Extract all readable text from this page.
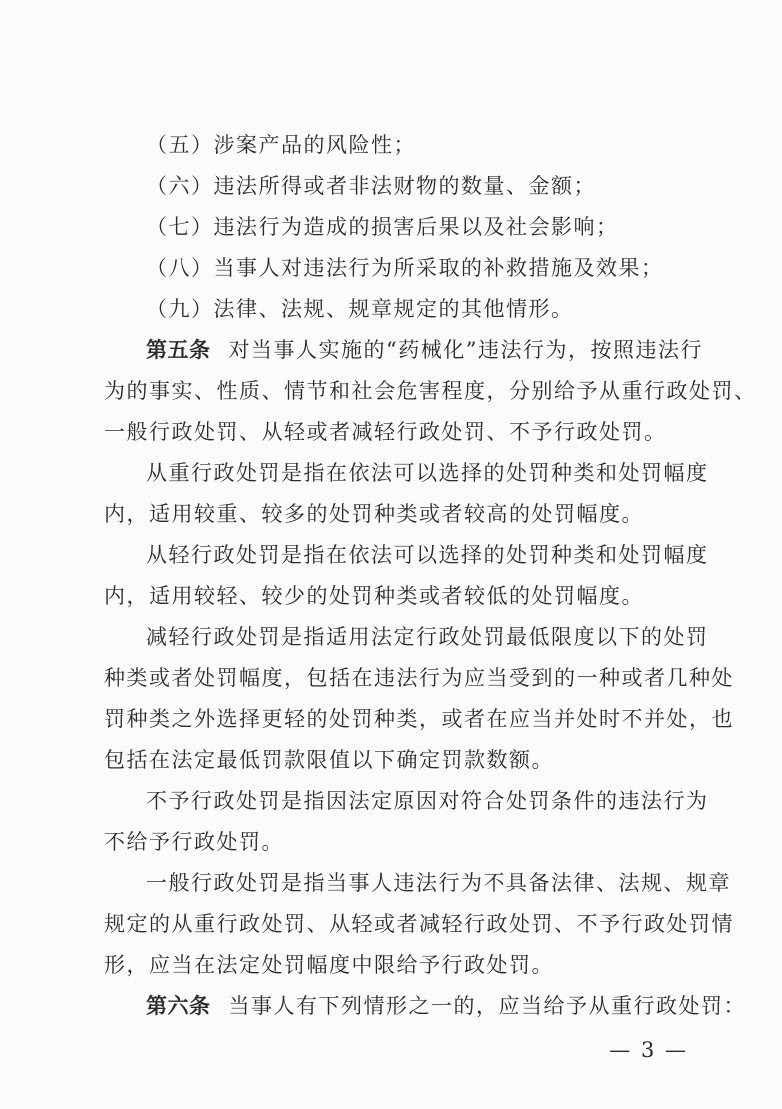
（五）涉案产品的风险性；
（六）违法所得或者非法财物的数量、金额；
（七）违法行为造成的损害后果以及社会影响；
（八）当事人对违法行为所采取的补救措施及效果；
（九）法律、法规、规章规定的其他情形。
第五条 对当事人实施的“药械化”违法行为，按照违法行
为的事实、性质、情节和社会危害程度，分别给予从重行政处罚、
一般行政处罚、从轻或者减轻行政处罚、不予行政处罚。
从重行政处罚是指在依法可以选择的处罚种类和处罚幅度
内，适用较重、较多的处罚种类或者较高的处罚幅度。
从轻行政处罚是指在依法可以选择的处罚种类和处罚幅度
内，适用较轻、较少的处罚种类或者较低的处罚幅度。
减轻行政处罚是指适用法定行政处罚最低限度以下的处罚
种类或者处罚幅度，包括在违法行为应当受到的一种或者几种处
罚种类之外选择更轻的处罚种类，或者在应当并处时不并处，也
包括在法定最低罚款限值以下确定罚款数额。
不予行政处罚是指因法定原因对符合处罚条件的违法行为
不给予行政处罚。
一般行政处罚是指当事人违法行为不具备法律、法规、规章
规定的从重行政处罚、从轻或者减轻行政处罚、不予行政处罚情
形，应当在法定处罚幅度中限给予行政处罚。
第六条 当事人有下列情形之一的，应当给予从重行政处罚：
— 3 —
